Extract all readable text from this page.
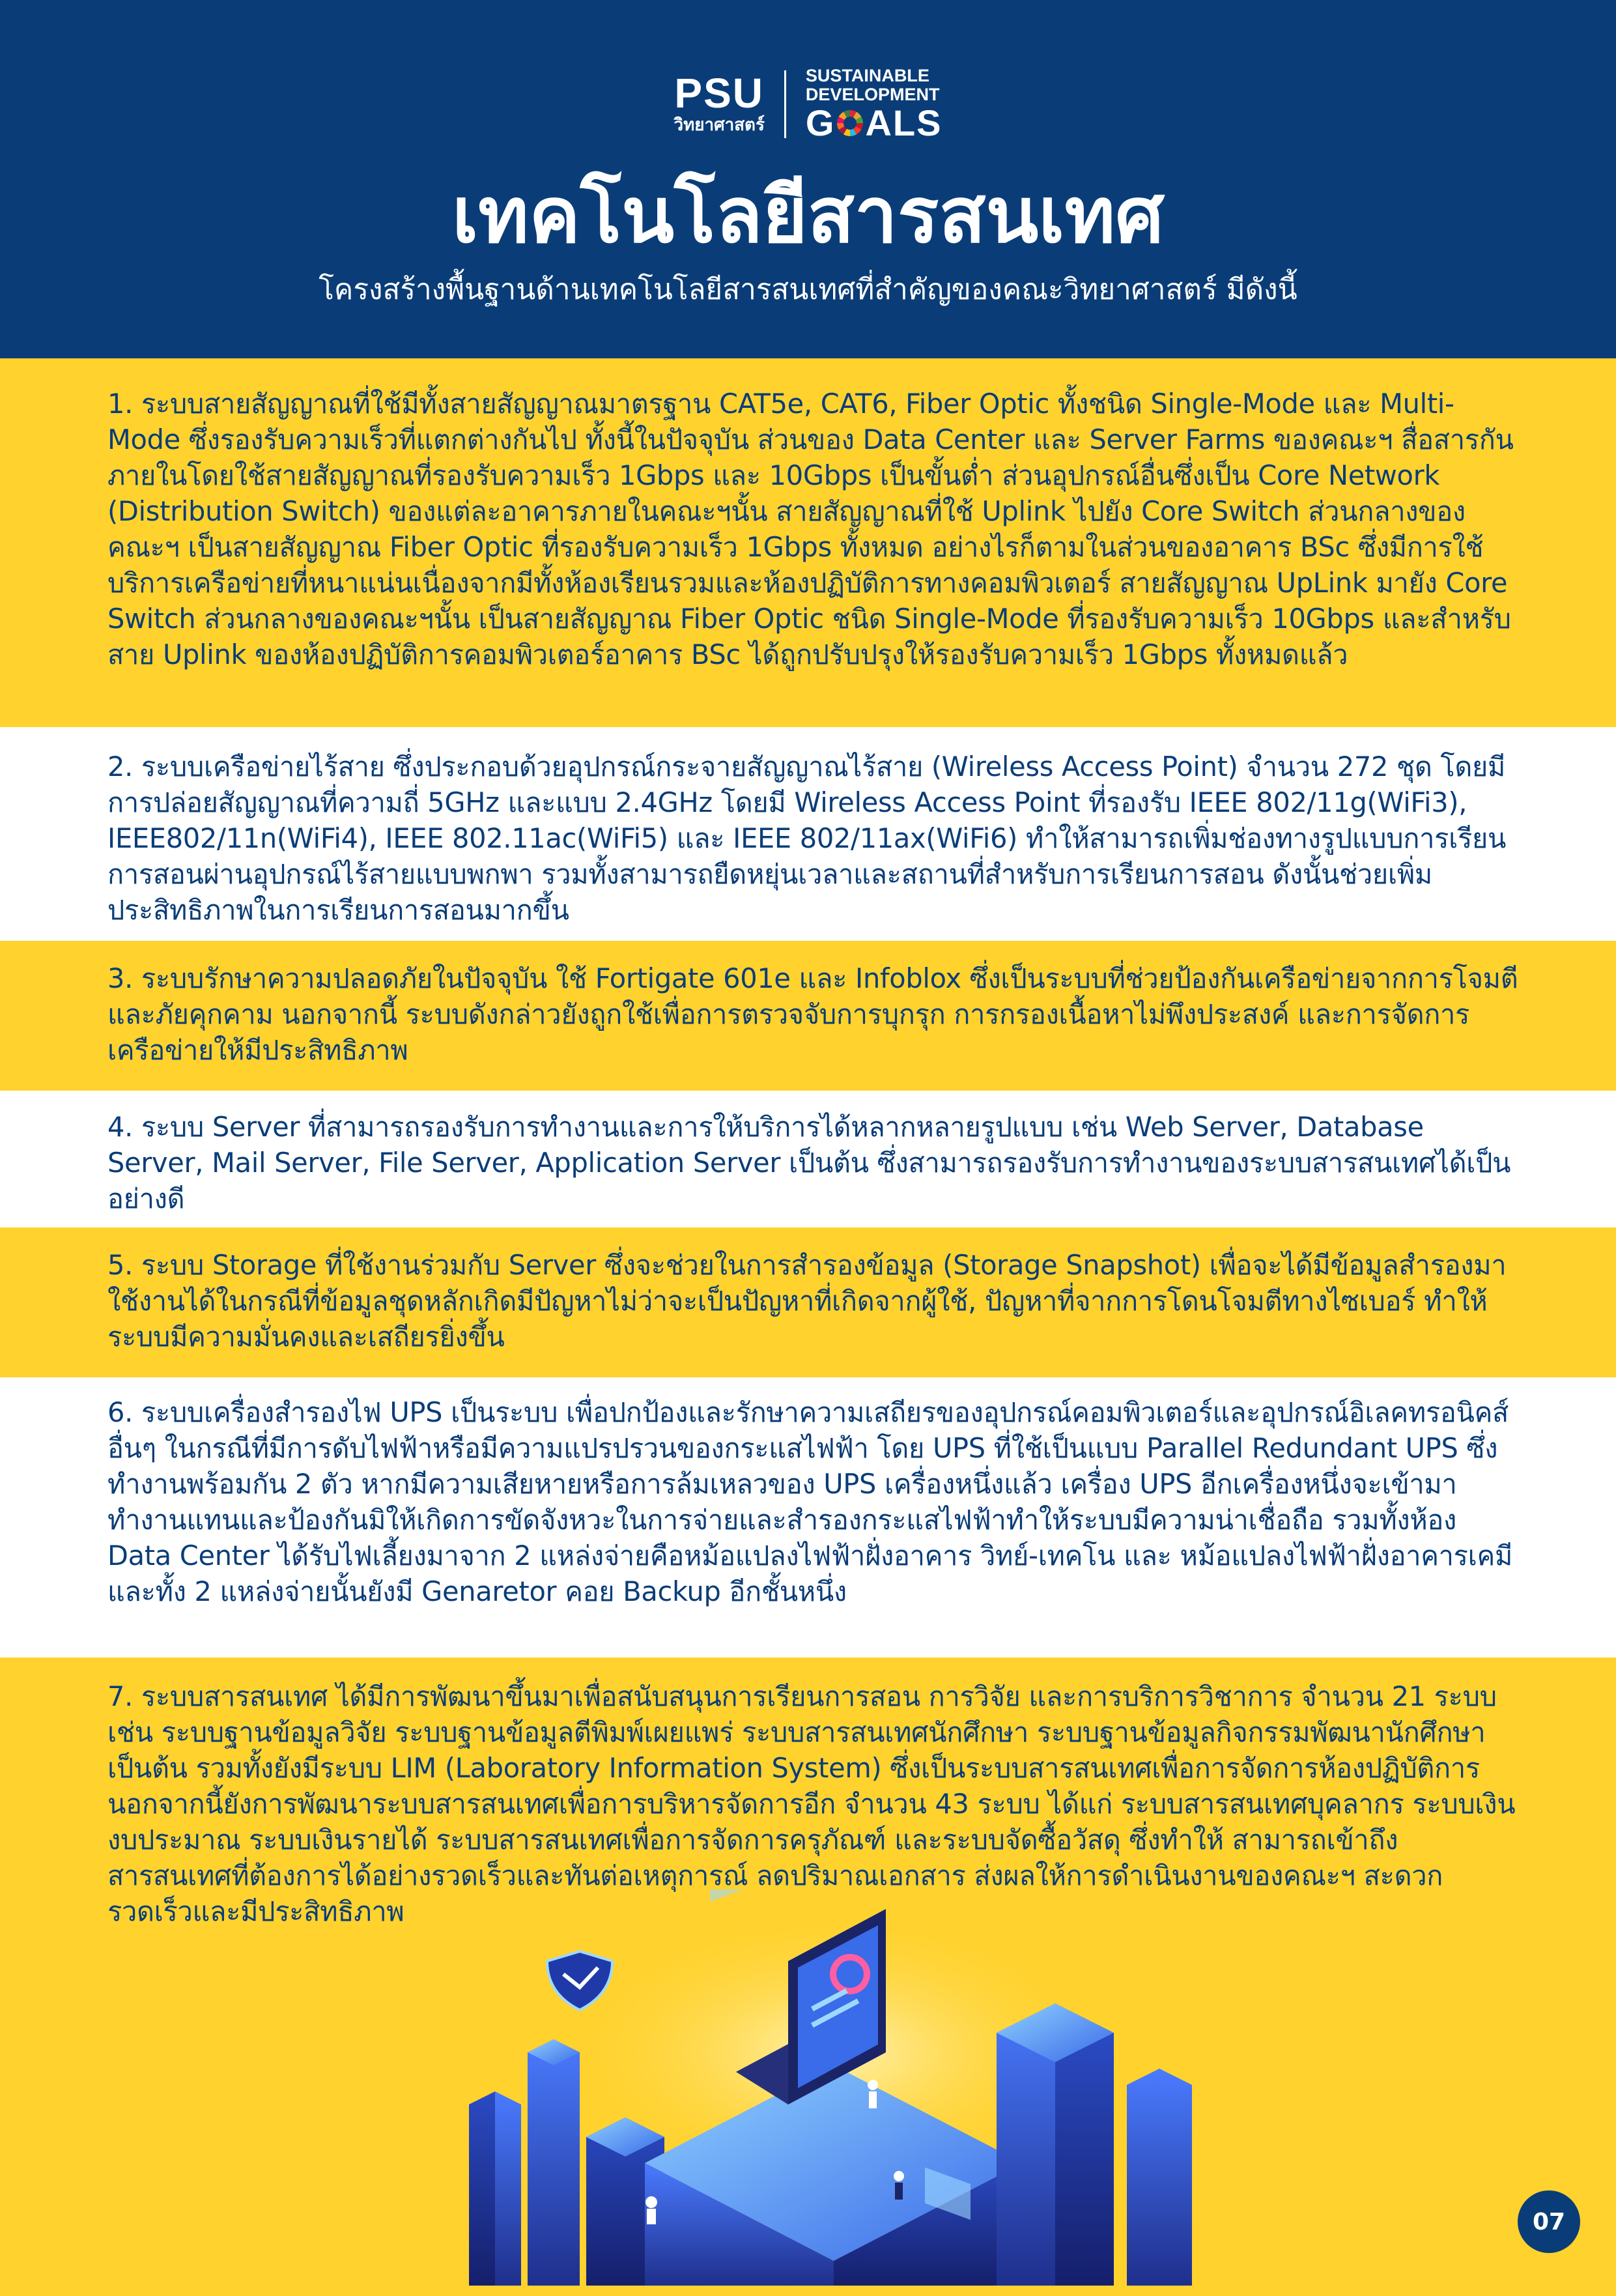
PSU
วิทยาศาสตร์
SUSTAINABLE
DEVELOPMENT
G ALS
เทคโนโลยีสารสนเทศ
โครงสร้างพื้นฐานด้านเทคโนโลยีสารสนเทศที่สำคัญของคณะวิทยาศาสตร์ มีดังนี้
1. ระบบสายสัญญาณที่ใช้มีทั้งสายสัญญาณมาตรฐาน CAT5e, CAT6, Fiber Optic ทั้งชนิด Single-Mode และ Multi-Mode ซึ่งรองรับความเร็วที่แตกต่างกันไป ทั้งนี้ในปัจจุบัน ส่วนของ Data Center และ Server Farms ของคณะฯ สื่อสารกันภายในโดยใช้สายสัญญาณที่รองรับความเร็ว 1Gbps และ 10Gbps เป็นขั้นต่ำ ส่วนอุปกรณ์อื่นซึ่งเป็น Core Network (Distribution Switch) ของแต่ละอาคารภายในคณะฯนั้น สายสัญญาณที่ใช้ Uplink ไปยัง Core Switch ส่วนกลางของคณะฯ เป็นสายสัญญาณ Fiber Optic ที่รองรับความเร็ว 1Gbps ทั้งหมด อย่างไรก็ตามในส่วนของอาคาร BSc ซึ่งมีการใช้บริการเครือข่ายที่หนาแน่นเนื่องจากมีทั้งห้องเรียนรวมและห้องปฏิบัติการทางคอมพิวเตอร์ สายสัญญาณ UpLink มายัง Core Switch ส่วนกลางของคณะฯนั้น เป็นสายสัญญาณ Fiber Optic ชนิด Single-Mode ที่รองรับความเร็ว 10Gbps และสำหรับสาย Uplink ของห้องปฏิบัติการคอมพิวเตอร์อาคาร BSc ได้ถูกปรับปรุงให้รองรับความเร็ว 1Gbps ทั้งหมดแล้ว
2. ระบบเครือข่ายไร้สาย ซึ่งประกอบด้วยอุปกรณ์กระจายสัญญาณไร้สาย (Wireless Access Point) จำนวน 272 ชุด โดยมีการปล่อยสัญญาณที่ความถี่ 5GHz และแบบ 2.4GHz โดยมี Wireless Access Point ที่รองรับ IEEE 802/11g(WiFi3), IEEE802/11n(WiFi4), IEEE 802.11ac(WiFi5) และ IEEE 802/11ax(WiFi6) ทำให้สามารถเพิ่มช่องทางรูปแบบการเรียนการสอนผ่านอุปกรณ์ไร้สายแบบพกพา รวมทั้งสามารถยืดหยุ่นเวลาและสถานที่สำหรับการเรียนการสอน ดังนั้นช่วยเพิ่มประสิทธิภาพในการเรียนการสอนมากขึ้น
3. ระบบรักษาความปลอดภัยในปัจจุบัน ใช้ Fortigate 601e และ Infoblox ซึ่งเป็นระบบที่ช่วยป้องกันเครือข่ายจากการโจมตีและภัยคุกคาม นอกจากนี้ ระบบดังกล่าวยังถูกใช้เพื่อการตรวจจับการบุกรุก การกรองเนื้อหาไม่พึงประสงค์ และการจัดการเครือข่ายให้มีประสิทธิภาพ
4. ระบบ Server ที่สามารถรองรับการทำงานและการให้บริการได้หลากหลายรูปแบบ เช่น Web Server, Database Server, Mail Server, File Server, Application Server เป็นต้น ซึ่งสามารถรองรับการทำงานของระบบสารสนเทศได้เป็นอย่างดี
5. ระบบ Storage ที่ใช้งานร่วมกับ Server ซึ่งจะช่วยในการสำรองข้อมูล (Storage Snapshot) เพื่อจะได้มีข้อมูลสำรองมาใช้งานได้ในกรณีที่ข้อมูลชุดหลักเกิดมีปัญหาไม่ว่าจะเป็นปัญหาที่เกิดจากผู้ใช้, ปัญหาที่จากการโดนโจมตีทางไซเบอร์ ทำให้ระบบมีความมั่นคงและเสถียรยิ่งขึ้น
6. ระบบเครื่องสำรองไฟ UPS เป็นระบบ เพื่อปกป้องและรักษาความเสถียรของอุปกรณ์คอมพิวเตอร์และอุปกรณ์อิเลคทรอนิคส์อื่นๆ ในกรณีที่มีการดับไฟฟ้าหรือมีความแปรปรวนของกระแสไฟฟ้า โดย UPS ที่ใช้เป็นแบบ Parallel Redundant UPS ซึ่งทำงานพร้อมกัน 2 ตัว หากมีความเสียหายหรือการล้มเหลวของ UPS เครื่องหนึ่งแล้ว เครื่อง UPS อีกเครื่องหนึ่งจะเข้ามาทำงานแทนและป้องกันมิให้เกิดการขัดจังหวะในการจ่ายและสำรองกระแสไฟฟ้าทำให้ระบบมีความน่าเชื่อถือ รวมทั้งห้อง Data Center ได้รับไฟเลี้ยงมาจาก 2 แหล่งจ่ายคือหม้อแปลงไฟฟ้าฝั่งอาคาร วิทย์-เทคโน และ หม้อแปลงไฟฟ้าฝั่งอาคารเคมี และทั้ง 2 แหล่งจ่ายนั้นยังมี Genaretor คอย Backup อีกชั้นหนึ่ง
7. ระบบสารสนเทศ ได้มีการพัฒนาขึ้นมาเพื่อสนับสนุนการเรียนการสอน การวิจัย และการบริการวิชาการ จำนวน 21 ระบบ เช่น ระบบฐานข้อมูลวิจัย ระบบฐานข้อมูลตีพิมพ์เผยแพร่ ระบบสารสนเทศนักศึกษา ระบบฐานข้อมูลกิจกรรมพัฒนานักศึกษา เป็นต้น รวมทั้งยังมีระบบ LIM (Laboratory Information System) ซึ่งเป็นระบบสารสนเทศเพื่อการจัดการห้องปฏิบัติการ นอกจากนี้ยังการพัฒนาระบบสารสนเทศเพื่อการบริหารจัดการอีก จำนวน 43 ระบบ ได้แก่ ระบบสารสนเทศบุคลากร ระบบเงินงบประมาณ ระบบเงินรายได้ ระบบสารสนเทศเพื่อการจัดการครุภัณฑ์ และระบบจัดซื้อวัสดุ ซึ่งทำให้ สามารถเข้าถึงสารสนเทศที่ต้องการได้อย่างรวดเร็วและทันต่อเหตุการณ์ ลดปริมาณเอกสาร ส่งผลให้การดำเนินงานของคณะฯ สะดวก รวดเร็วและมีประสิทธิภาพ
07
